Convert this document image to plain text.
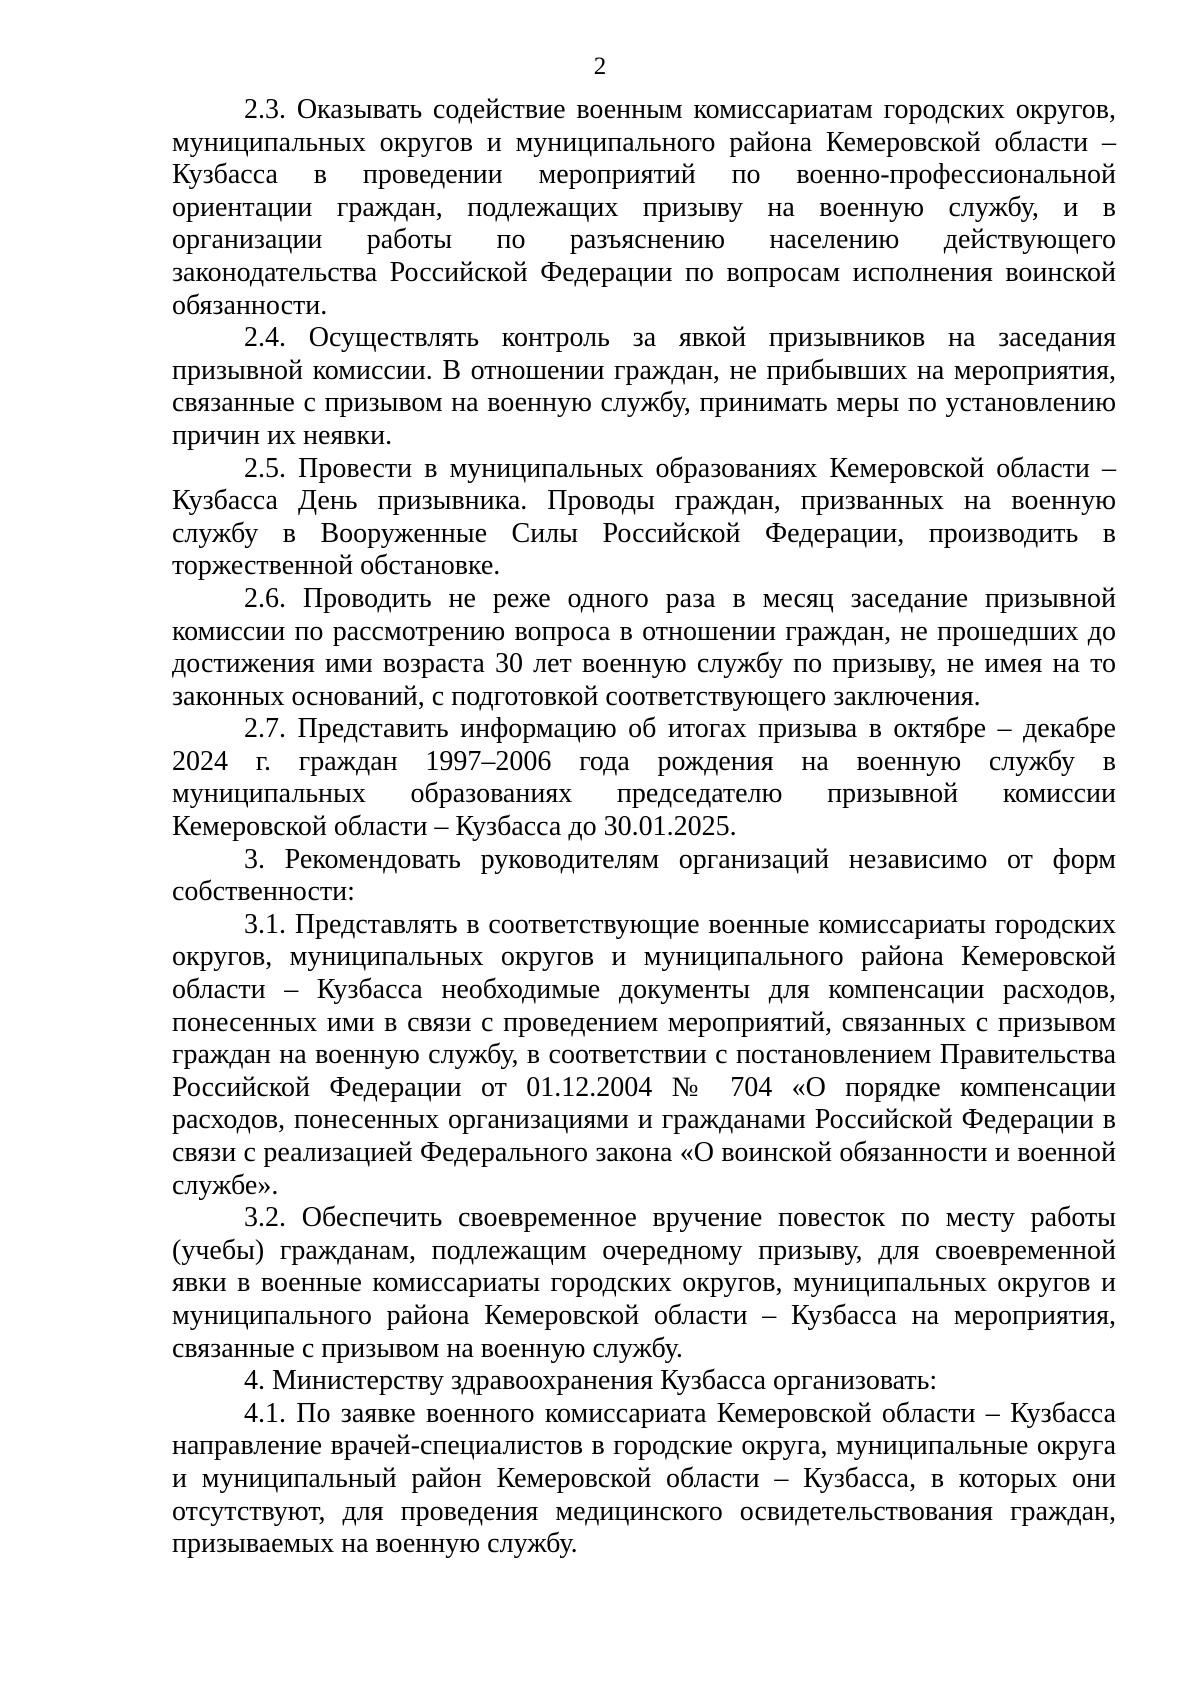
2

2.3. Оказывать содействие военным комиссариатам городских округов, муниципальных округов и муниципального района Кемеровской области – Кузбасса в проведении мероприятий по военно-профессиональной ориентации граждан, подлежащих призыву на военную службу, и в организации работы по разъяснению населению действующего законодательства Российской Федерации по вопросам исполнения воинской обязанности.

2.4. Осуществлять контроль за явкой призывников на заседания призывной комиссии. В отношении граждан, не прибывших на мероприятия, связанные с призывом на военную службу, принимать меры по установлению причин их неявки.

2.5. Провести в муниципальных образованиях Кемеровской области – Кузбасса День призывника. Проводы граждан, призванных на военную службу в Вооруженные Силы Российской Федерации, производить в торжественной обстановке.

2.6. Проводить не реже одного раза в месяц заседание призывной комиссии по рассмотрению вопроса в отношении граждан, не прошедших до достижения ими возраста 30 лет военную службу по призыву, не имея на то законных оснований, с подготовкой соответствующего заключения.

2.7. Представить информацию об итогах призыва в октябре – декабре 2024 г. граждан 1997–2006 года рождения на военную службу в муниципальных образованиях председателю призывной комиссии Кемеровской области – Кузбасса до 30.01.2025.

3. Рекомендовать руководителям организаций независимо от форм собственности:

3.1. Представлять в соответствующие военные комиссариаты городских округов, муниципальных округов и муниципального района Кемеровской области – Кузбасса необходимые документы для компенсации расходов, понесенных ими в связи с проведением мероприятий, связанных с призывом граждан на военную службу, в соответствии с постановлением Правительства Российской Федерации от 01.12.2004 № 704 «О порядке компенсации расходов, понесенных организациями и гражданами Российской Федерации в связи с реализацией Федерального закона «О воинской обязанности и военной службе».

3.2. Обеспечить своевременное вручение повесток по месту работы (учебы) гражданам, подлежащим очередному призыву, для своевременной явки в военные комиссариаты городских округов, муниципальных округов и муниципального района Кемеровской области – Кузбасса на мероприятия, связанные с призывом на военную службу.

4. Министерству здравоохранения Кузбасса организовать:

4.1. По заявке военного комиссариата Кемеровской области – Кузбасса направление врачей-специалистов в городские округа, муниципальные округа и муниципальный район Кемеровской области – Кузбасса, в которых они отсутствуют, для проведения медицинского освидетельствования граждан, призываемых на военную службу.
